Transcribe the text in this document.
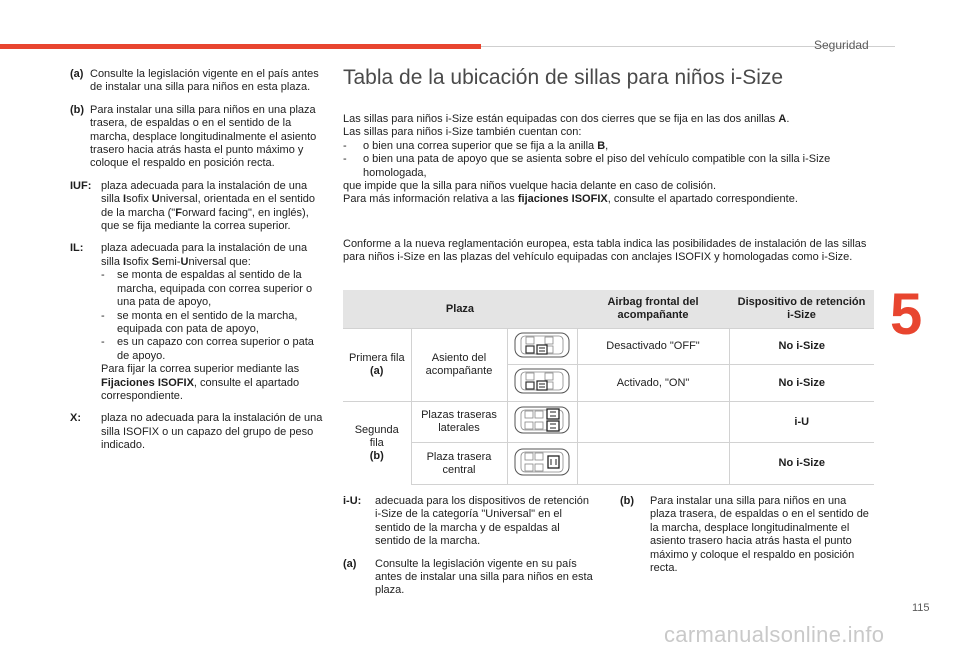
Seguridad
5
115
carmanualsonline.info
(a) Consulte la legislación vigente en el país antes de instalar una silla para niños en esta plaza.

(b) Para instalar una silla para niños en una plaza trasera, de espaldas o en el sentido de la marcha, desplace longitudinalmente el asiento trasero hacia atrás hasta el punto máximo y coloque el respaldo en posición recta.

IUF: plaza adecuada para la instalación de una silla Isofix Universal, orientada en el sentido de la marcha ("Forward facing", en inglés), que se fija mediante la correa superior.

IL:	plaza adecuada para la instalación de una silla Isofix Semi-Universal que:

-	se monta de espaldas al sentido de la marcha, equipada con correa superior o una pata de apoyo,
-	se monta en el sentido de la marcha, equipada con pata de apoyo,
-	es un capazo con correa superior o pata de apoyo.

Para fijar la correa superior mediante las Fijaciones ISOFIX, consulte el apartado correspondiente.

X:	plaza no adecuada para la instalación de una silla ISOFIX o un capazo del grupo de peso indicado.

Tabla de la ubicación de sillas para niños i-Size

Las sillas para niños i-Size están equipadas con dos cierres que se fija en las dos anillas A.

Las sillas para niños i-Size también cuentan con:

-	o bien una correa superior que se fija a la anilla B,
-	o bien una pata de apoyo que se asienta sobre el piso del vehículo compatible con la silla i-Size homologada,

que impide que la silla para niños vuelque hacia delante en caso de colisión.

Para más información relativa a las fijaciones ISOFIX, consulte el apartado correspondiente.

Conforme a la nueva reglamentación europea, esta tabla indica las posibilidades de instalación de las sillas para niños i-Size en las plazas del vehículo equipadas con anclajes ISOFIX y homologadas como i-Size.

Plaza			Airbag frontal del acompañante	Dispositivo de retención i-Size
Primera fila
(a)	Asiento del acompañante		Desactivado "OFF"	No i-Size
	Activado, "ON"	No i-Size
Segunda fila
(b)	Plazas traseras laterales			i-U
	Plaza trasera central			No i-Size
i-U:	adecuada para los dispositivos de retención i-Size de la categoría "Universal" en el sentido de la marcha y de espaldas al sentido de la marcha.

(a)	Consulte la legislación vigente en su país antes de instalar una silla para niños en esta plaza.

(b)	Para instalar una silla para niños en una plaza trasera, de espaldas o en el sentido de la marcha, desplace longitudinalmente el asiento trasero hacia atrás hasta el punto máximo y coloque el respaldo en posición recta.
